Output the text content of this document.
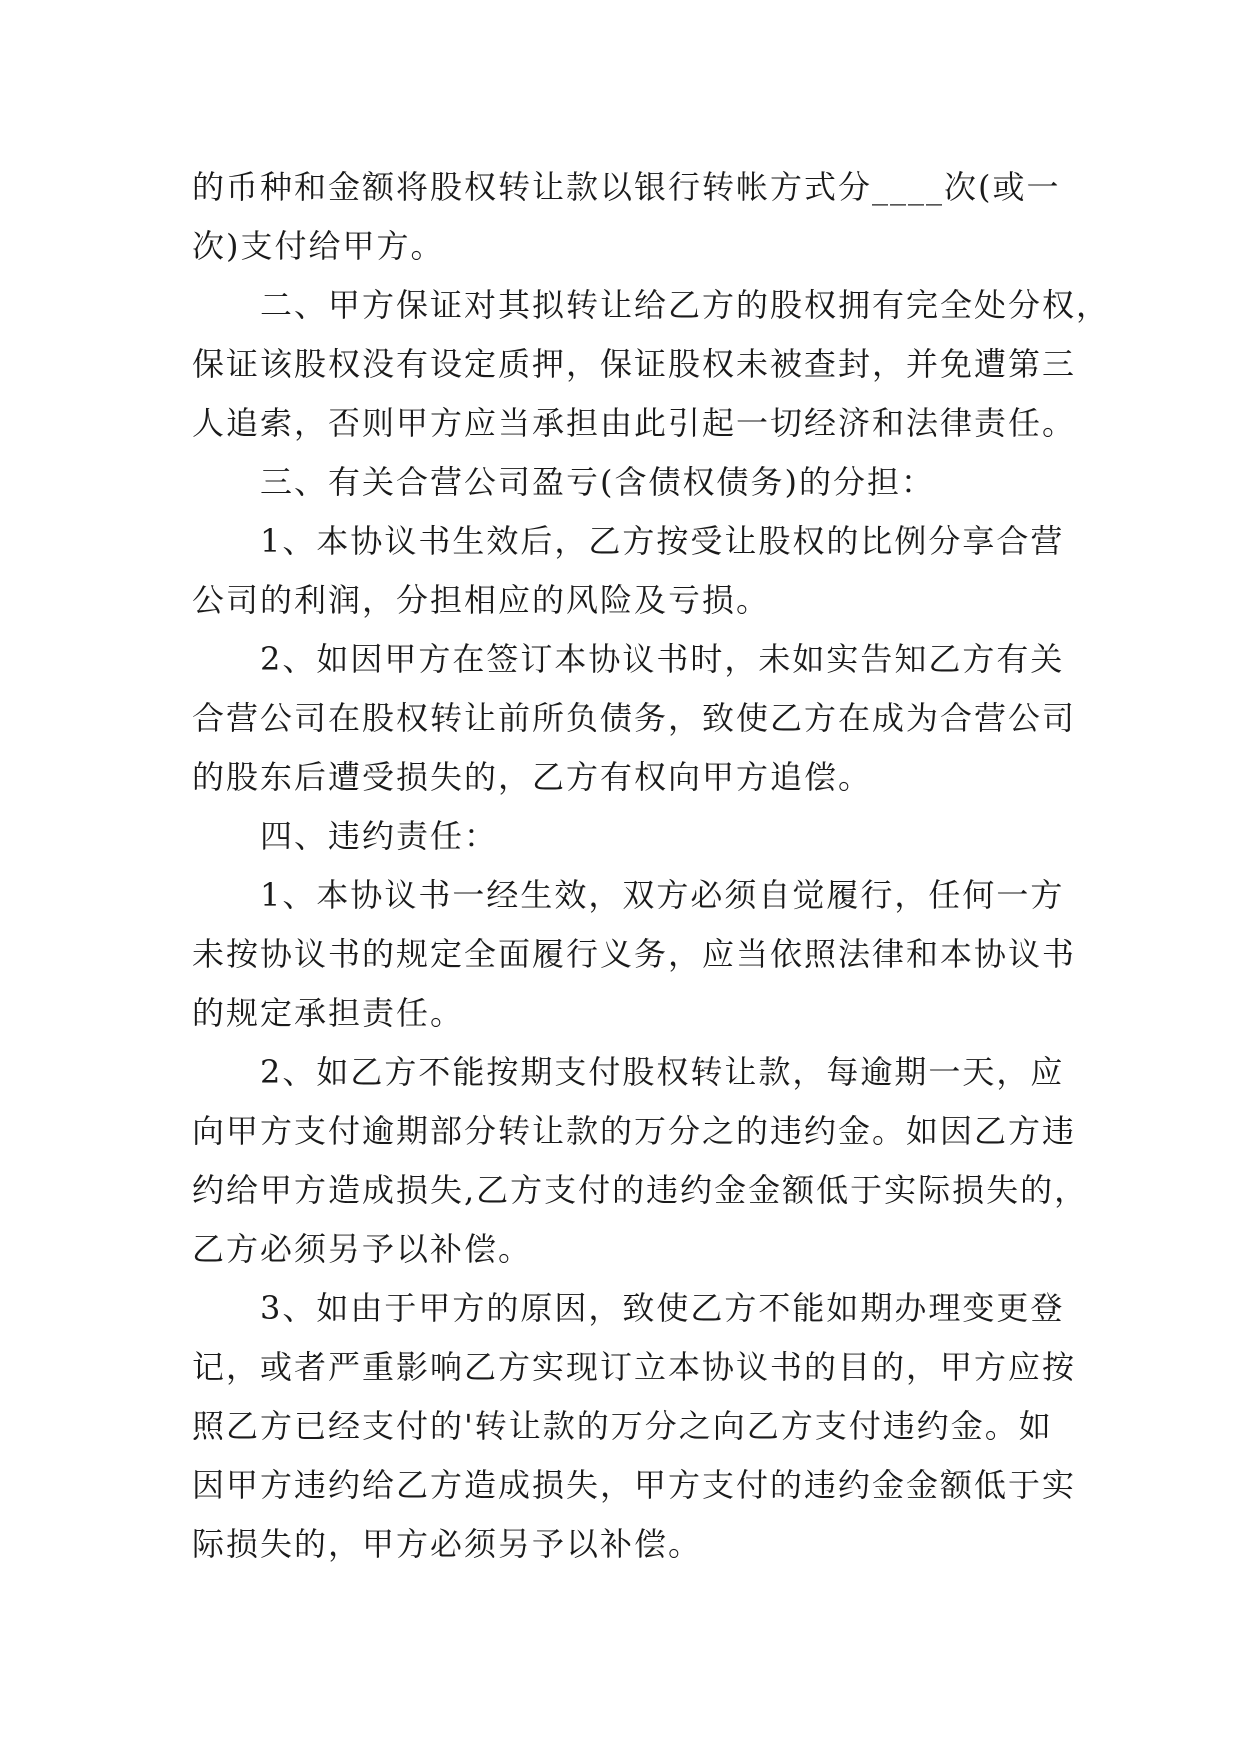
的币种和金额将股权转让款以银行转帐方式分____次(或一
次)支付给甲方。
　　二、甲方保证对其拟转让给乙方的股权拥有完全处分权，
保证该股权没有设定质押，保证股权未被查封，并免遭第三
人追索，否则甲方应当承担由此引起一切经济和法律责任。
　　三、有关合营公司盈亏(含债权债务)的分担：
　　1、本协议书生效后，乙方按受让股权的比例分享合营
公司的利润，分担相应的风险及亏损。
　　2、如因甲方在签订本协议书时，未如实告知乙方有关
合营公司在股权转让前所负债务，致使乙方在成为合营公司
的股东后遭受损失的，乙方有权向甲方追偿。
　　四、违约责任：
　　1、本协议书一经生效，双方必须自觉履行，任何一方
未按协议书的规定全面履行义务，应当依照法律和本协议书
的规定承担责任。
　　2、如乙方不能按期支付股权转让款，每逾期一天，应
向甲方支付逾期部分转让款的万分之的违约金。如因乙方违
约给甲方造成损失,乙方支付的违约金金额低于实际损失的，
乙方必须另予以补偿。
　　3、如由于甲方的原因，致使乙方不能如期办理变更登
记，或者严重影响乙方实现订立本协议书的目的，甲方应按
照乙方已经支付的'转让款的万分之向乙方支付违约金。如
因甲方违约给乙方造成损失，甲方支付的违约金金额低于实
际损失的，甲方必须另予以补偿。
